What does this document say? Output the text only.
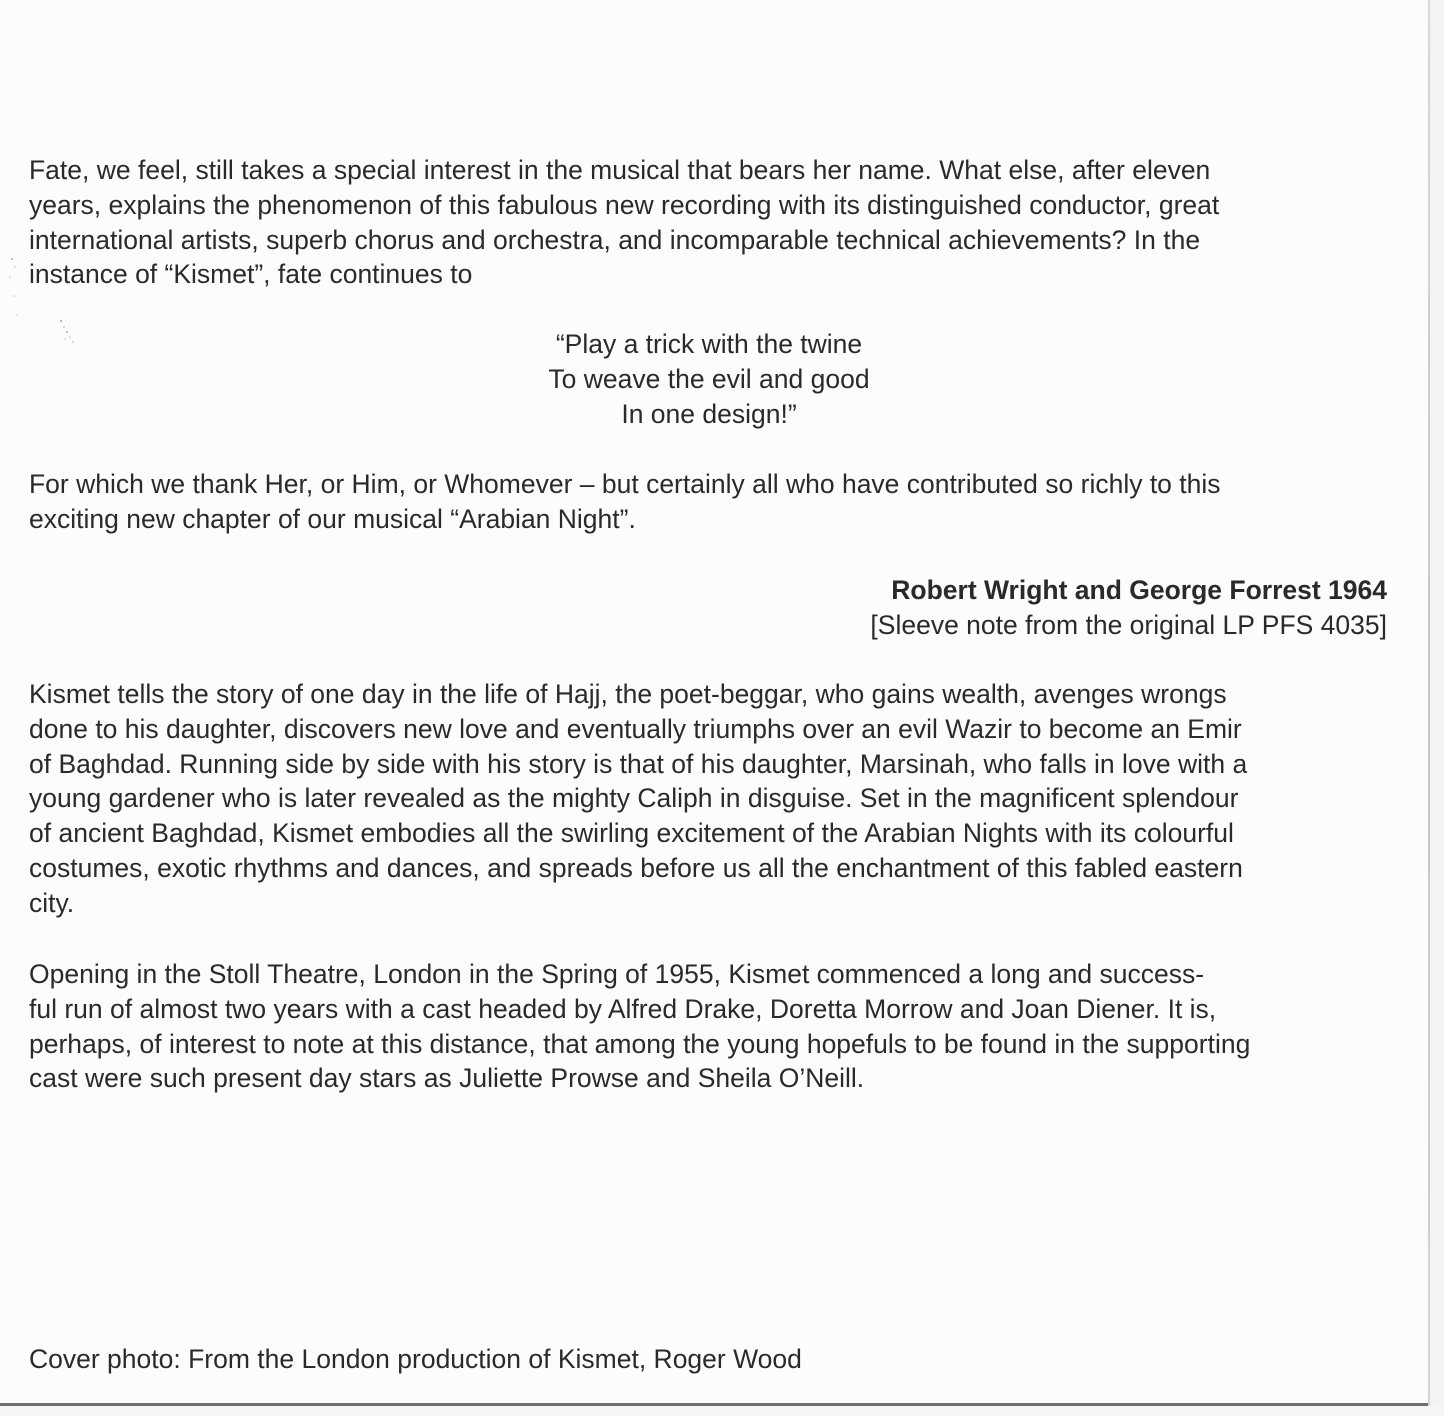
Fate, we feel, still takes a special interest in the musical that bears her name. What else, after eleven
years, explains the phenomenon of this fabulous new recording with its distinguished conductor, great
international artists, superb chorus and orchestra, and incomparable technical achievements? In the
instance of “Kismet”, fate continues to
“Play a trick with the twine
To weave the evil and good
In one design!”
For which we thank Her, or Him, or Whomever – but certainly all who have contributed so richly to this
exciting new chapter of our musical “Arabian Night”.
Robert Wright and George Forrest 1964
[Sleeve note from the original LP PFS 4035]
Kismet tells the story of one day in the life of Hajj, the poet-beggar, who gains wealth, avenges wrongs
done to his daughter, discovers new love and eventually triumphs over an evil Wazir to become an Emir
of Baghdad. Running side by side with his story is that of his daughter, Marsinah, who falls in love with a
young gardener who is later revealed as the mighty Caliph in disguise. Set in the magnificent splendour
of ancient Baghdad, Kismet embodies all the swirling excitement of the Arabian Nights with its colourful
costumes, exotic rhythms and dances, and spreads before us all the enchantment of this fabled eastern
city.
Opening in the Stoll Theatre, London in the Spring of 1955, Kismet commenced a long and success-
ful run of almost two years with a cast headed by Alfred Drake, Doretta Morrow and Joan Diener. It is,
perhaps, of interest to note at this distance, that among the young hopefuls to be found in the supporting
cast were such present day stars as Juliette Prowse and Sheila O’Neill.
Cover photo: From the London production of Kismet, Roger Wood
